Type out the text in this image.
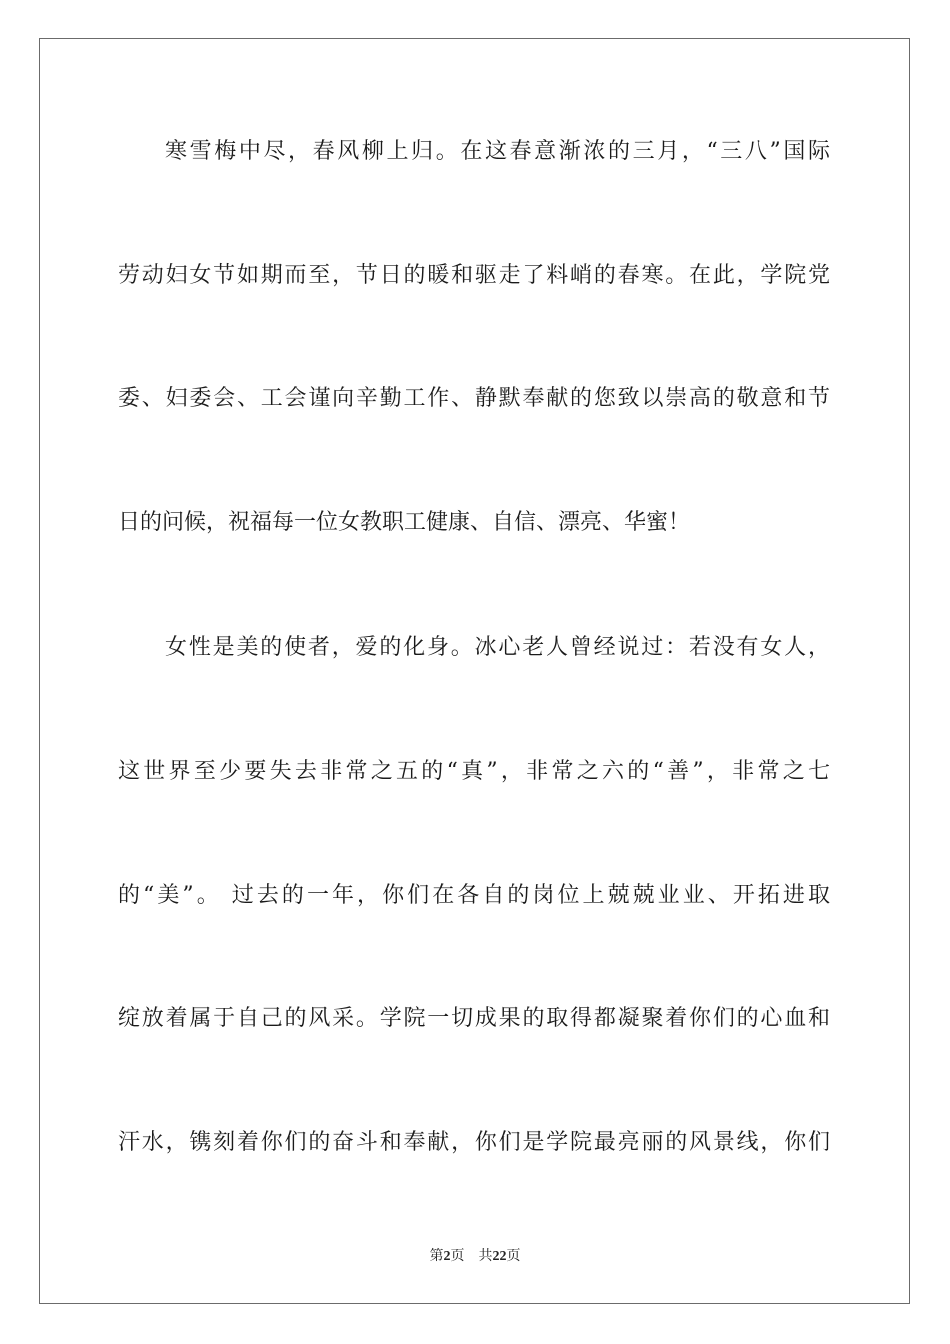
寒雪梅中尽，春风柳上归。在这春意渐浓的三月，“三八”国际
劳动妇女节如期而至，节日的暖和驱走了料峭的春寒。在此，学院党
委、妇委会、工会谨向辛勤工作、静默奉献的您致以崇高的敬意和节
日的问候，祝福每一位女教职工健康、自信、漂亮、华蜜！
女性是美的使者，爱的化身。冰心老人曾经说过：若没有女人，
这世界至少要失去非常之五的“真”，非常之六的“善”，非常之七
的“美”。 过去的一年，你们在各自的岗位上兢兢业业、开拓进取
绽放着属于自己的风采。学院一切成果的取得都凝聚着你们的心血和
汗水，镌刻着你们的奋斗和奉献，你们是学院最亮丽的风景线，你们
第2页 共22页
